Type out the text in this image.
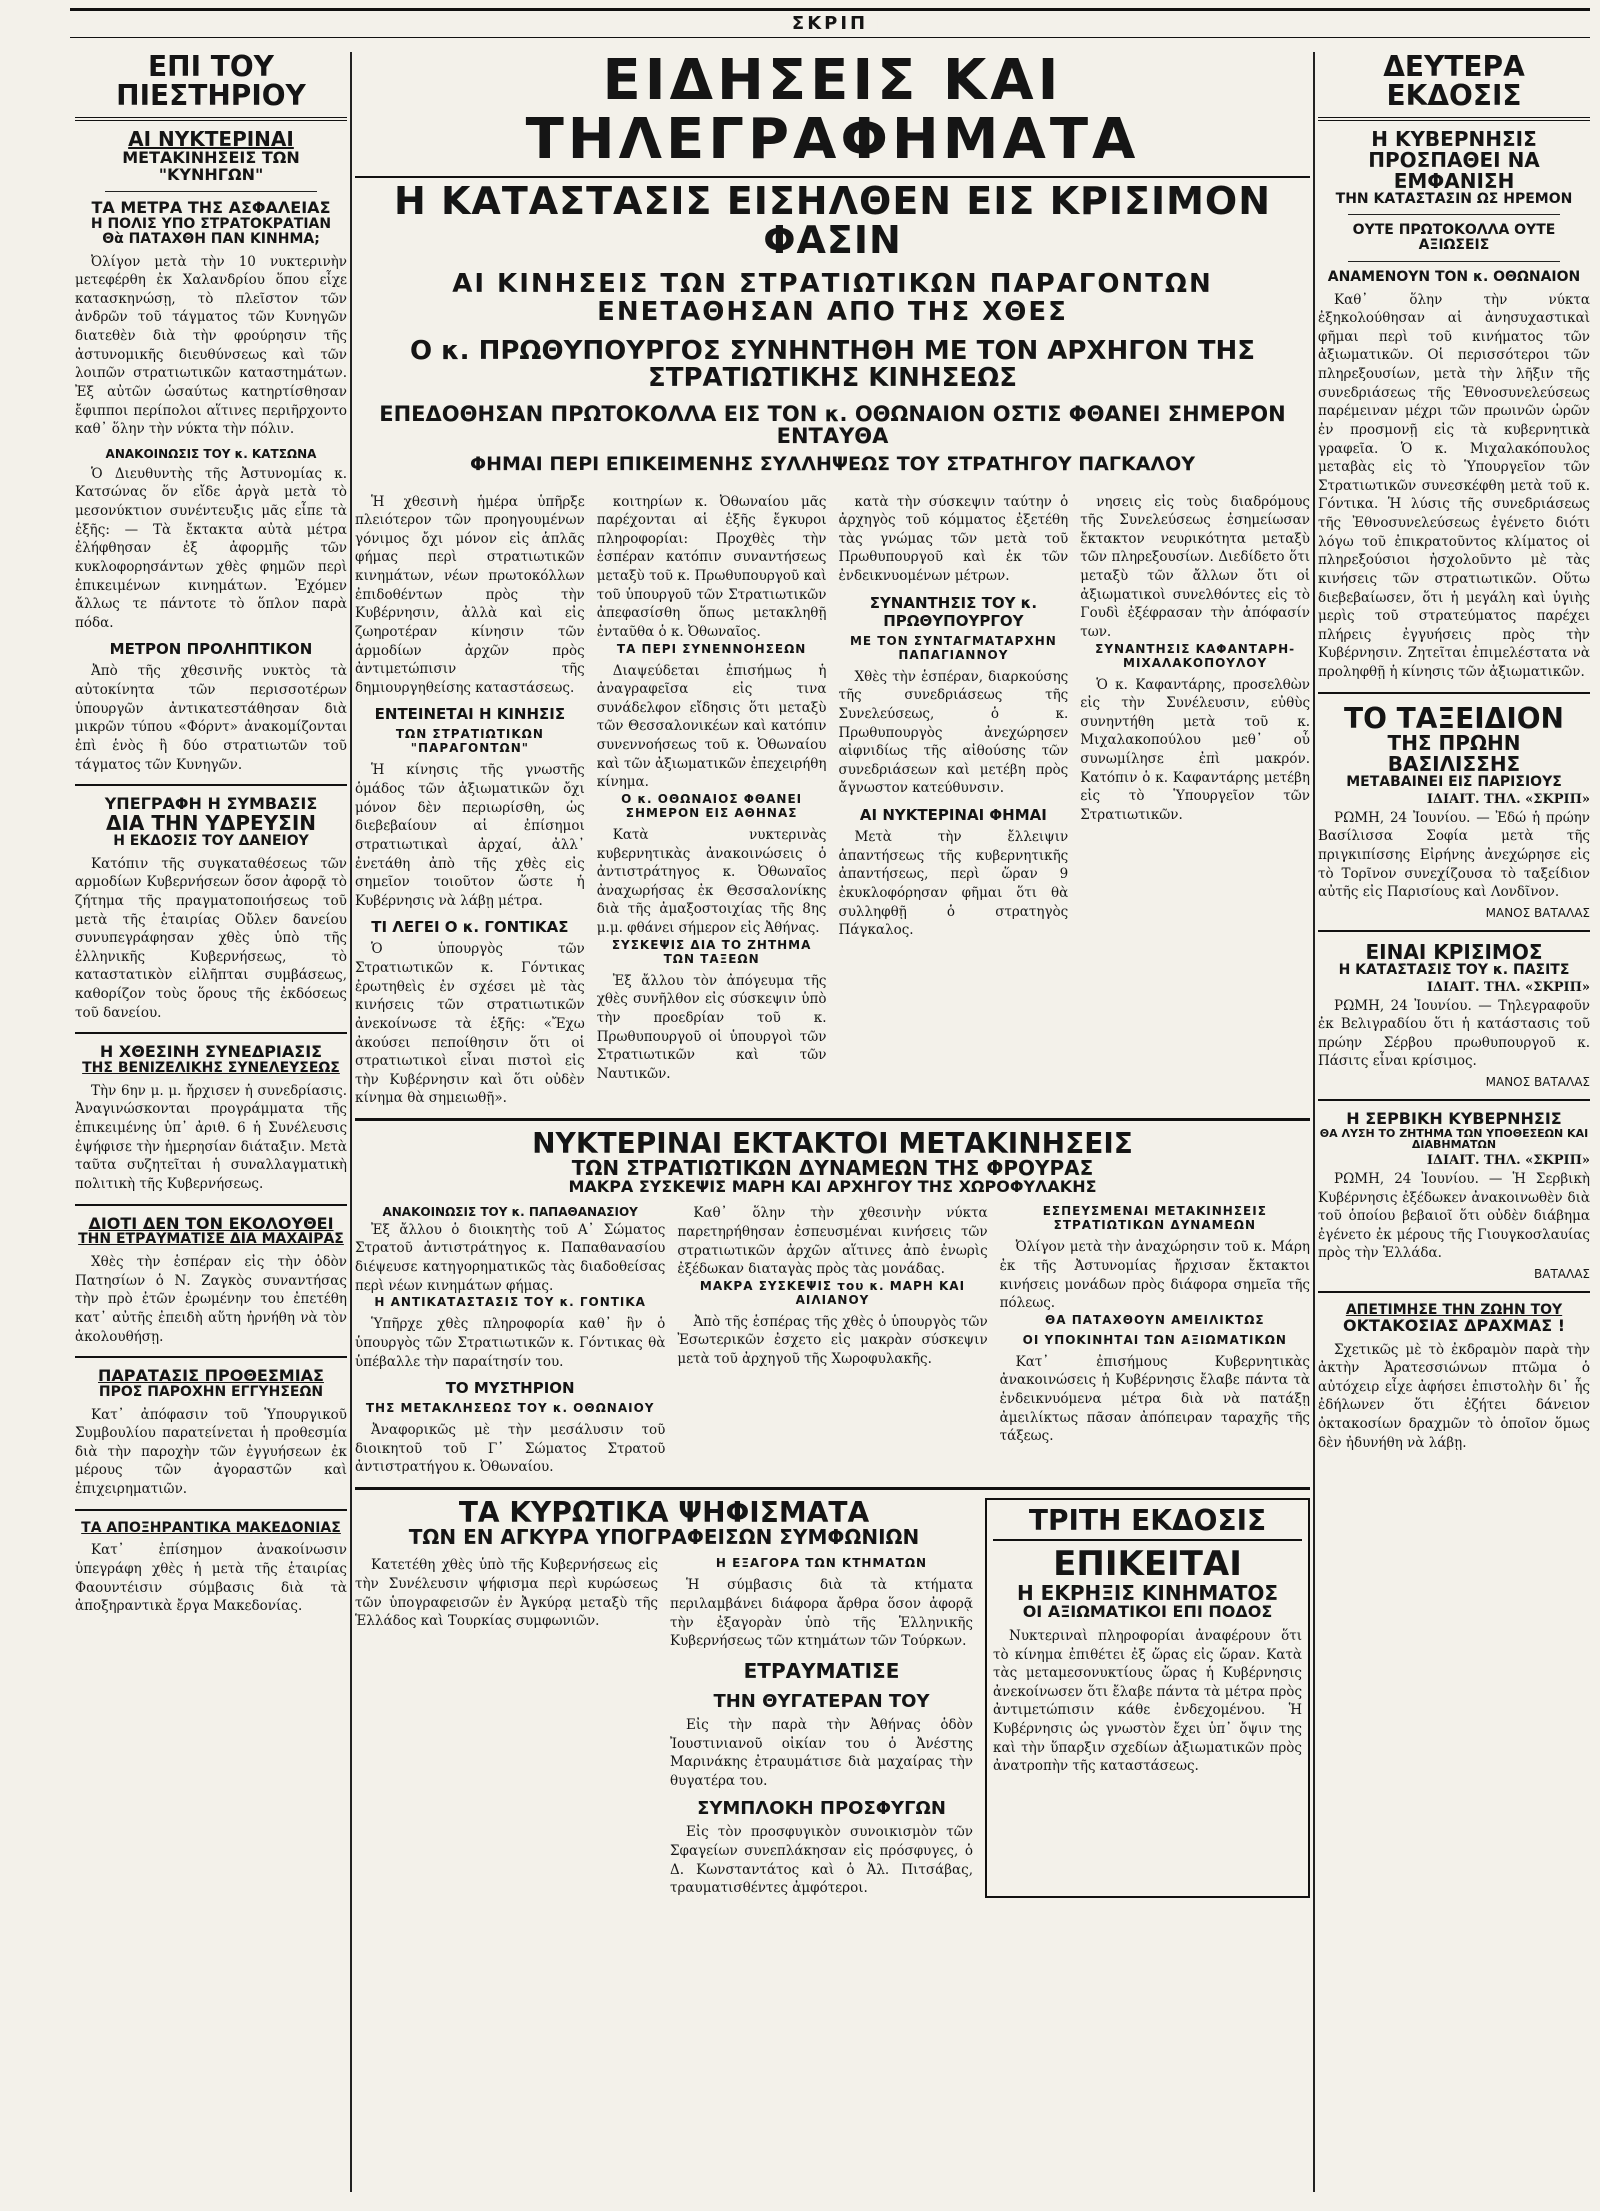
ΣΚΡΙΠ
ΕΠΙ ΤΟΥ ΠΙΕΣΤΗΡΙΟΥ
ΑΙ ΝΥΚΤΕΡΙΝΑΙ
ΜΕΤΑΚΙΝΗΣΕΙΣ ΤΩΝ "ΚΥΝΗΓΩΝ"
ΤΑ ΜΕΤΡΑ ΤΗΣ ΑΣΦΑΛΕΙΑΣ
Η ΠΟΛΙΣ ΥΠΟ ΣΤΡΑΤΟΚΡΑΤΙΑΝ
Θὰ ΠΑΤΑΧΘΗ ΠΑΝ ΚΙΝΗΜΑ;

Ὀλίγον μετὰ τὴν 10 νυκτερινὴν μετεφέρθη ἐκ Χαλανδρίου ὅπου εἶχε κατασκηνώσῃ, τὸ πλεῖστον τῶν ἀνδρῶν τοῦ τάγματος τῶν Κυνηγῶν διατεθὲν διὰ τὴν φρούρησιν τῆς ἀστυνομικῆς διευθύνσεως καὶ τῶν λοιπῶν στρατιωτικῶν καταστημάτων. Ἐξ αὐτῶν ὡσαύτως κατηρτίσθησαν ἔφιπποι περίπολοι αἵτινες περιῆρχοντο καθ᾽ ὅλην τὴν νύκτα τὴν πόλιν.

ΑΝΑΚΟΙΝΩΣΙΣ ΤΟΥ κ. ΚΑΤΣΩΝΑ

Ὁ Διευθυντὴς τῆς Ἀστυνομίας κ. Κατσώνας ὅν εἴδε ἀργὰ μετὰ τὸ μεσονύκτιον συνέντευξις μᾶς εἶπε τὰ ἑξῆς: — Τὰ ἔκτακτα αὐτὰ μέτρα ἐλήφθησαν ἐξ ἀφορμῆς τῶν κυκλοφορησάντων χθὲς φημῶν περὶ ἐπικειμένων κινημάτων. Ἐχόμεν ἄλλως τε πάντοτε τὸ ὅπλον παρὰ πόδα.

ΜΕΤΡΟΝ ΠΡΟΛΗΠΤΙΚΟΝ

Ἀπὸ τῆς χθεσινῆς νυκτὸς τὰ αὐτοκίνητα τῶν περισσοτέρων ὑπουργῶν ἀντικατεστάθησαν διὰ μικρῶν τύπου «Φόρντ» ἀνακομίζονται ἐπὶ ἑνὸς ἢ δύο στρατιωτῶν τοῦ τάγματος τῶν Κυνηγῶν.

ΥΠΕΓΡΑΦΗ Η ΣΥΜΒΑΣΙΣ
ΔΙΑ ΤΗΝ ΥΔΡΕΥΣΙΝ
Η ΕΚΔΟΣΙΣ ΤΟΥ ΔΑΝΕΙΟΥ

Κατόπιν τῆς συγκαταθέσεως τῶν αρμοδίων Κυβερνήσεων ὅσον ἀφορᾷ τὸ ζήτημα τῆς πραγματοποιήσεως τοῦ μετὰ τῆς ἑταιρίας Οὔλεν δανείου συνυπεγράφησαν χθὲς ὑπὸ τῆς ἑλληνικῆς Κυβερνήσεως, τὸ καταστατικὸν εἰλῆπται συμβάσεως, καθορίζον τοὺς ὅρους τῆς ἐκδόσεως τοῦ δανείου.

Η ΧΘΕΣΙΝΗ ΣΥΝΕΔΡΙΑΣΙΣ
ΤΗΣ ΒΕΝΙΖΕΛΙΚΗΣ ΣΥΝΕΛΕΥΣΕΩΣ

Τὴν 6ην μ. μ. ἤρχισεν ἡ συνεδρίασις. Ἀναγινώσκονται προγράμματα τῆς ἐπικειμένης ὑπ᾽ ἀριθ. 6 ἡ Συνέλευσις ἐψήφισε τὴν ἡμερησίαν διάταξιν. Μετὰ ταῦτα συζητεῖται ἡ συναλλαγματικὴ πολιτικὴ τῆς Κυβερνήσεως.

ΔΙΟΤΙ ΔΕΝ ΤΟΝ ΕΚΟΛΟΥΘΕΙ
ΤΗΝ ΕΤΡΑΥΜΑΤΙΣΕ ΔΙΑ ΜΑΧΑΙΡΑΣ

Χθὲς τὴν ἑσπέραν εἰς τὴν ὁδὸν Πατησίων ὁ Ν. Ζαγκὸς συναντήσας τὴν πρὸ ἐτῶν ἐρωμένην του ἐπετέθη κατ᾽ αὐτῆς ἐπειδὴ αὕτη ἠρνήθη νὰ τὸν ἀκολουθήσῃ.

ΠΑΡΑΤΑΣΙΣ ΠΡΟΘΕΣΜΙΑΣ
ΠΡΟΣ ΠΑΡΟΧΗΝ ΕΓΓΥΗΣΕΩΝ

Κατ᾽ ἀπόφασιν τοῦ Ὑπουργικοῦ Συμβουλίου παρατείνεται ἡ προθεσμία διὰ τὴν παροχὴν τῶν ἐγγυήσεων ἐκ μέρους τῶν ἀγοραστῶν καὶ ἐπιχειρηματιῶν.

ΤΑ ΑΠΟΞΗΡΑΝΤΙΚΑ ΜΑΚΕΔΟΝΙΑΣ

Κατ᾽ ἐπίσημον ἀνακοίνωσιν ὑπεγράφη χθὲς ἡ μετὰ τῆς ἑταιρίας Φαουντέισιν σύμβασις διὰ τὰ ἀποξηραντικὰ ἔργα Μακεδονίας.

ΕΙΔΗΣΕΙΣ ΚΑΙ ΤΗΛΕΓΡΑΦΗΜΑΤΑ
Η ΚΑΤΑΣΤΑΣΙΣ ΕΙΣΗΛΘΕΝ ΕΙΣ ΚΡΙΣΙΜΟΝ ΦΑΣΙΝ
ΑΙ ΚΙΝΗΣΕΙΣ ΤΩΝ ΣΤΡΑΤΙΩΤΙΚΩΝ ΠΑΡΑΓΟΝΤΩΝ ΕΝΕΤΑΘΗΣΑΝ ΑΠΟ ΤΗΣ ΧΘΕΣ
Ο κ. ΠΡΩΘΥΠΟΥΡΓΟΣ ΣΥΝΗΝΤΗΘΗ ΜΕ ΤΟΝ ΑΡΧΗΓΟΝ ΤΗΣ ΣΤΡΑΤΙΩΤΙΚΗΣ ΚΙΝΗΣΕΩΣ
ΕΠΕΔΟΘΗΣΑΝ ΠΡΩΤΟΚΟΛΛΑ ΕΙΣ ΤΟΝ κ. ΟΘΩΝΑΙΟΝ ΟΣΤΙΣ ΦΘΑΝΕΙ ΣΗΜΕΡΟΝ ΕΝΤΑΥΘΑ
ΦΗΜΑΙ ΠΕΡΙ ΕΠΙΚΕΙΜΕΝΗΣ ΣΥΛΛΗΨΕΩΣ ΤΟΥ ΣΤΡΑΤΗΓΟΥ ΠΑΓΚΑΛΟΥ

Ἡ χθεσινὴ ἡμέρα ὑπῆρξε πλειότερον τῶν προηγουμένων γόνιμος ὄχι μόνον εἰς ἁπλᾶς φήμας περὶ στρατιωτικῶν κινημάτων, νέων πρωτοκόλλων ἐπιδοθέντων πρὸς τὴν Κυβέρνησιν, ἀλλὰ καὶ εἰς ζωηροτέραν κίνησιν τῶν ἁρμοδίων ἀρχῶν πρὸς ἀντιμετώπισιν τῆς δημιουργηθείσης καταστάσεως.

ΕΝΤΕΙΝΕΤΑΙ Η ΚΙΝΗΣΙΣ
ΤΩΝ ΣΤΡΑΤΙΩΤΙΚΩΝ "ΠΑΡΑΓΟΝΤΩΝ"

Ἡ κίνησις τῆς γνωστῆς ὁμάδος τῶν ἀξιωματικῶν ὄχι μόνον δὲν περιωρίσθη, ὡς διεβεβαίουν αἱ ἐπίσημοι στρατιωτικαὶ ἀρχαί, ἀλλ᾽ ἐνετάθη ἀπὸ τῆς χθὲς εἰς σημεῖον τοιοῦτον ὥστε ἡ Κυβέρνησις νὰ λάβῃ μέτρα.

ΤΙ ΛΕΓΕΙ Ο κ. ΓΟΝΤΙΚΑΣ

Ὁ ὑπουργὸς τῶν Στρατιωτικῶν κ. Γόντικας ἐρωτηθεὶς ἐν σχέσει μὲ τὰς κινήσεις τῶν στρατιωτικῶν ἀνεκοίνωσε τὰ ἑξῆς: «Ἔχω ἀκούσει πεποίθησιν ὅτι οἱ στρατιωτικοὶ εἶναι πιστοὶ εἰς τὴν Κυβέρνησιν καὶ ὅτι οὐδὲν κίνημα θὰ σημειωθῇ».

κοιτηρίων κ. Ὀθωναίου μᾶς παρέχονται αἱ ἑξῆς ἔγκυροι πληροφορίαι: Προχθὲς τὴν ἑσπέραν κατόπιν συναντήσεως μεταξὺ τοῦ κ. Πρωθυπουργοῦ καὶ τοῦ ὑπουργοῦ τῶν Στρατιωτικῶν ἀπεφασίσθη ὅπως μετακληθῇ ἐνταῦθα ὁ κ. Ὀθωναῖος.

ΤΑ ΠΕΡΙ ΣΥΝΕΝΝΟΗΣΕΩΝ

Διαψεύδεται ἐπισήμως ἡ ἀναγραφεῖσα εἰς τινα συνάδελφον εἴδησις ὅτι μεταξὺ τῶν Θεσσαλονικέων καὶ κατόπιν συνεννοήσεως τοῦ κ. Ὀθωναίου καὶ τῶν ἀξιωματικῶν ἐπεχειρήθη κίνημα.

Ο κ. ΟΘΩΝΑΙΟΣ ΦΘΑΝΕΙ ΣΗΜΕΡΟΝ ΕΙΣ ΑΘΗΝΑΣ

Κατὰ νυκτερινὰς κυβερνητικὰς ἀνακοινώσεις ὁ ἀντιστράτηγος κ. Ὀθωναῖος ἀναχωρήσας ἐκ Θεσσαλονίκης διὰ τῆς ἀμαξοστοιχίας τῆς 8ης μ.μ. φθάνει σήμερον εἰς Ἀθήνας.

ΣΥΣΚΕΨΙΣ ΔΙΑ ΤΟ ΖΗΤΗΜΑ ΤΩΝ ΤΑΞΕΩΝ

Ἐξ ἄλλου τὸν ἀπόγευμα τῆς χθὲς συνῆλθον εἰς σύσκεψιν ὑπὸ τὴν προεδρίαν τοῦ κ. Πρωθυπουργοῦ οἱ ὑπουργοὶ τῶν Στρατιωτικῶν καὶ τῶν Ναυτικῶν.

κατὰ τὴν σύσκεψιν ταύτην ὁ ἀρχηγὸς τοῦ κόμματος ἐξετέθη τὰς γνώμας τῶν μετὰ τοῦ Πρωθυπουργοῦ καὶ ἐκ τῶν ἐνδεικνυομένων μέτρων.

ΣΥΝΑΝΤΗΣΙΣ ΤΟΥ κ. ΠΡΩΘΥΠΟΥΡΓΟΥ
ΜΕ ΤΟΝ ΣΥΝΤΑΓΜΑΤΑΡΧΗΝ ΠΑΠΑΓΙΑΝΝΟΥ

Χθὲς τὴν ἑσπέραν, διαρκούσης τῆς συνεδριάσεως τῆς Συνελεύσεως, ὁ κ. Πρωθυπουργὸς ἀνεχώρησεν αἰφνιδίως τῆς αἰθούσης τῶν συνεδριάσεων καὶ μετέβη πρὸς ἄγνωστον κατεύθυνσιν.

ΑΙ ΝΥΚΤΕΡΙΝΑΙ ΦΗΜΑΙ

Μετὰ τὴν ἔλλειψιν ἀπαντήσεως τῆς κυβερνητικῆς ἀπαντήσεως, περὶ ὥραν 9 ἐκυκλοφόρησαν φῆμαι ὅτι θὰ συλληφθῇ ὁ στρατηγὸς Πάγκαλος.

νησεις εἰς τοὺς διαδρόμους τῆς Συνελεύσεως ἐσημείωσαν ἔκτακτον νευρικότητα μεταξὺ τῶν πληρεξουσίων. Διεδίδετο ὅτι μεταξὺ τῶν ἄλλων ὅτι οἱ ἀξιωματικοὶ συνελθόντες εἰς τὸ Γουδὶ ἐξέφρασαν τὴν ἀπόφασίν των.

ΣΥΝΑΝΤΗΣΙΣ ΚΑΦΑΝΤΑΡΗ-ΜΙΧΑΛΑΚΟΠΟΥΛΟΥ

Ὁ κ. Καφαντάρης, προσελθὼν εἰς τὴν Συνέλευσιν, εὐθὺς συνηντήθη μετὰ τοῦ κ. Μιχαλακοπούλου μεθ᾽ οὗ συνωμίλησε ἐπὶ μακρόν. Κατόπιν ὁ κ. Καφαντάρης μετέβη εἰς τὸ Ὑπουργεῖον τῶν Στρατιωτικῶν.

ΝΥΚΤΕΡΙΝΑΙ ΕΚΤΑΚΤΟΙ ΜΕΤΑΚΙΝΗΣΕΙΣ
ΤΩΝ ΣΤΡΑΤΙΩΤΙΚΩΝ ΔΥΝΑΜΕΩΝ ΤΗΣ ΦΡΟΥΡΑΣ
ΜΑΚΡΑ ΣΥΣΚΕΨΙΣ ΜΑΡΗ ΚΑΙ ΑΡΧΗΓΟΥ ΤΗΣ ΧΩΡΟΦΥΛΑΚΗΣ

ΑΝΑΚΟΙΝΩΣΙΣ ΤΟΥ κ. ΠΑΠΑΘΑΝΑΣΙΟΥ

Ἐξ ἄλλου ὁ διοικητὴς τοῦ Α᾽ Σώματος Στρατοῦ ἀντιστράτηγος κ. Παπαθανασίου διέψευσε κατηγορηματικῶς τὰς διαδοθείσας περὶ νέων κινημάτων φήμας.

Η ΑΝΤΙΚΑΤΑΣΤΑΣΙΣ ΤΟΥ κ. ΓΟΝΤΙΚΑ

Ὑπῆρχε χθὲς πληροφορία καθ᾽ ἣν ὁ ὑπουργὸς τῶν Στρατιωτικῶν κ. Γόντικας θὰ ὑπέβαλλε τὴν παραίτησίν του.

ΤΟ ΜΥΣΤΗΡΙΟΝ
ΤΗΣ ΜΕΤΑΚΛΗΣΕΩΣ ΤΟΥ κ. ΟΘΩΝΑΙΟΥ

Ἀναφορικῶς μὲ τὴν μεσάλυσιν τοῦ διοικητοῦ τοῦ Γ᾽ Σώματος Στρατοῦ ἀντιστρατήγου κ. Ὀθωναίου.

Καθ᾽ ὅλην τὴν χθεσινὴν νύκτα παρετηρήθησαν ἐσπευσμέναι κινήσεις τῶν στρατιωτικῶν ἀρχῶν αἵτινες ἀπὸ ἐνωρὶς ἐξέδωκαν διαταγὰς πρὸς τὰς μονάδας.

ΜΑΚΡΑ ΣΥΣΚΕΨΙΣ του κ. ΜΑΡΗ ΚΑΙ ΑΙΛΙΑΝΟΥ

Ἀπὸ τῆς ἑσπέρας τῆς χθὲς ὁ ὑπουργὸς τῶν Ἐσωτερικῶν ἐσχετο εἰς μακρὰν σύσκεψιν μετὰ τοῦ ἀρχηγοῦ τῆς Χωροφυλακῆς.

ΕΣΠΕΥΣΜΕΝΑΙ ΜΕΤΑΚΙΝΗΣΕΙΣ ΣΤΡΑΤΙΩΤΙΚΩΝ ΔΥΝΑΜΕΩΝ

Ὀλίγον μετὰ τὴν ἀναχώρησιν τοῦ κ. Μάρη ἐκ τῆς Ἀστυνομίας ἤρχισαν ἔκτακτοι κινήσεις μονάδων πρὸς διάφορα σημεῖα τῆς πόλεως.

ΘΑ ΠΑΤΑΧΘΟΥΝ ΑΜΕΙΛΙΚΤΩΣ
ΟΙ ΥΠΟΚΙΝΗΤΑΙ ΤΩΝ ΑΞΙΩΜΑΤΙΚΩΝ

Κατ᾽ ἐπισήμους Κυβερνητικὰς ἀνακοινώσεις ἡ Κυβέρνησις ἔλαβε πάντα τὰ ἐνδεικνυόμενα μέτρα διὰ νὰ πατάξῃ ἀμειλίκτως πᾶσαν ἀπόπειραν ταραχῆς τῆς τάξεως.

ΤΑ ΚΥΡΩΤΙΚΑ ΨΗΦΙΣΜΑΤΑ
ΤΩΝ ΕΝ ΑΓΚΥΡΑ ΥΠΟΓΡΑΦΕΙΣΩΝ ΣΥΜΦΩΝΙΩΝ

Κατετέθη χθὲς ὑπὸ τῆς Κυβερνήσεως εἰς τὴν Συνέλευσιν ψήφισμα περὶ κυρώσεως τῶν ὑπογραφεισῶν ἐν Ἀγκύρᾳ μεταξὺ τῆς Ἑλλάδος καὶ Τουρκίας συμφωνιῶν.

Η ΕΞΑΓΟΡΑ ΤΩΝ ΚΤΗΜΑΤΩΝ

Ἡ σύμβασις διὰ τὰ κτήματα περιλαμβάνει διάφορα ἄρθρα ὅσον ἀφορᾷ τὴν ἐξαγορὰν ὑπὸ τῆς Ἑλληνικῆς Κυβερνήσεως τῶν κτημάτων τῶν Τούρκων.

ΕΤΡΑΥΜΑΤΙΣΕ
ΤΗΝ ΘΥΓΑΤΕΡΑΝ ΤΟΥ

Εἰς τὴν παρὰ τὴν Ἀθήνας ὁδὸν Ἰουστινιανοῦ οἰκίαν του ὁ Ἀνέστης Μαρινάκης ἐτραυμάτισε διὰ μαχαίρας τὴν θυγατέρα του.

ΣΥΜΠΛΟΚΗ ΠΡΟΣΦΥΓΩΝ

Εἰς τὸν προσφυγικὸν συνοικισμὸν τῶν Σφαγείων συνεπλάκησαν εἰς πρόσφυγες, ὁ Δ. Κωνσταντάτος καὶ ὁ Ἀλ. Πιτσάβας, τραυματισθέντες ἀμφότεροι.

ΤΡΙΤΗ ΕΚΔΟΣΙΣ
ΕΠΙΚΕΙΤΑΙ
Η ΕΚΡΗΞΙΣ ΚΙΝΗΜΑΤΟΣ
ΟΙ ΑΞΙΩΜΑΤΙΚΟΙ ΕΠΙ ΠΟΔΟΣ

Νυκτεριναὶ πληροφορίαι ἀναφέρουν ὅτι τὸ κίνημα ἐπιθέτει ἐξ ὥρας εἰς ὥραν. Κατὰ τὰς μεταμεσονυκτίους ὥρας ἡ Κυβέρνησις ἀνεκοίνωσεν ὅτι ἔλαβε πάντα τὰ μέτρα πρὸς ἀντιμετώπισιν κάθε ἐνδεχομένου. Ἡ Κυβέρνησις ὡς γνωστὸν ἔχει ὑπ᾽ ὄψιν της καὶ τὴν ὕπαρξιν σχεδίων ἀξιωματικῶν πρὸς ἀνατροπὴν τῆς καταστάσεως.

ΔΕΥΤΕΡΑ ΕΚΔΟΣΙΣ
Η ΚΥΒΕΡΝΗΣΙΣ
ΠΡΟΣΠΑΘΕΙ ΝΑ ΕΜΦΑΝΙΣΗ
ΤΗΝ ΚΑΤΑΣΤΑΣΙΝ ΩΣ ΗΡΕΜΟΝ
ΟΥΤΕ ΠΡΩΤΟΚΟΛΛΑ ΟΥΤΕ ΑΞΙΩΣΕΙΣ
ΑΝΑΜΕΝΟΥΝ ΤΟΝ κ. ΟΘΩΝΑΙΟΝ

Καθ᾽ ὅλην τὴν νύκτα ἐξηκολούθησαν αἱ ἀνησυχαστικαὶ φῆμαι περὶ τοῦ κινήματος τῶν ἀξιωματικῶν. Οἱ περισσότεροι τῶν πληρεξουσίων, μετὰ τὴν λῆξιν τῆς συνεδριάσεως τῆς Ἐθνοσυνελεύσεως παρέμειναν μέχρι τῶν πρωινῶν ὡρῶν ἐν προσμονῇ εἰς τὰ κυβερνητικὰ γραφεῖα. Ὁ κ. Μιχαλακόπουλος μεταβὰς εἰς τὸ Ὑπουργεῖον τῶν Στρατιωτικῶν συνεσκέφθη μετὰ τοῦ κ. Γόντικα. Ἡ λύσις τῆς συνεδριάσεως τῆς Ἐθνοσυνελεύσεως ἐγένετο διότι λόγω τοῦ ἐπικρατοῦντος κλίματος οἱ πληρεξούσιοι ἠσχολοῦντο μὲ τὰς κινήσεις τῶν στρατιωτικῶν. Οὕτω διεβεβαίωσεν, ὅτι ἡ μεγάλη καὶ ὑγιὴς μερὶς τοῦ στρατεύματος παρέχει πλήρεις ἐγγυήσεις πρὸς τὴν Κυβέρνησιν. Ζητεῖται ἐπιμελέστατα νὰ προληφθῇ ἡ κίνησις τῶν ἀξιωματικῶν.

ΤΟ ΤΑΞΕΙΔΙΟΝ
ΤΗΣ ΠΡΩΗΝ ΒΑΣΙΛΙΣΣΗΣ
ΜΕΤΑΒΑΙΝΕΙ ΕΙΣ ΠΑΡΙΣΙΟΥΣ
ΙΔΙΑΙΤ. ΤΗΛ. «ΣΚΡΙΠ»

ΡΩΜΗ, 24 Ἰουνίου. — Ἐδώ ἡ πρώην Βασίλισσα Σοφία μετὰ τῆς πριγκιπίσσης Εἰρήνης ἀνεχώρησε εἰς τὸ Τορῖνον συνεχίζουσα τὸ ταξείδιον αὐτῆς εἰς Παρισίους καὶ Λονδῖνον.

ΜΑΝΟΣ ΒΑΤΑΛΑΣ
ΕΙΝΑΙ ΚΡΙΣΙΜΟΣ
Η ΚΑΤΑΣΤΑΣΙΣ ΤΟΥ κ. ΠΑΣΙΤΣ
ΙΔΙΑΙΤ. ΤΗΛ. «ΣΚΡΙΠ»

ΡΩΜΗ, 24 Ἰουνίου. — Τηλεγραφοῦν ἐκ Βελιγραδίου ὅτι ἡ κατάστασις τοῦ πρώην Σέρβου πρωθυπουργοῦ κ. Πάσιτς εἶναι κρίσιμος.

ΜΑΝΟΣ ΒΑΤΑΛΑΣ
Η ΣΕΡΒΙΚΗ ΚΥΒΕΡΝΗΣΙΣ
ΘΑ ΛΥΣΗ ΤΟ ΖΗΤΗΜΑ ΤΩΝ ΥΠΟΘΕΣΕΩΝ ΚΑΙ ΔΙΑΒΗΜΑΤΩΝ
ΙΔΙΑΙΤ. ΤΗΛ. «ΣΚΡΙΠ»

ΡΩΜΗ, 24 Ἰουνίου. — Ἡ Σερβικὴ Κυβέρνησις ἐξέδωκεν ἀνακοινωθὲν διὰ τοῦ ὁποίου βεβαιοῖ ὅτι οὐδὲν διάβημα ἐγένετο ἐκ μέρους τῆς Γιουγκοσλαυίας πρὸς τὴν Ἑλλάδα.

ΒΑΤΑΛΑΣ
ΑΠΕΤΙΜΗΣΕ ΤΗΝ ΖΩΗΝ ΤΟΥ
ΟΚΤΑΚΟΣΙΑΣ ΔΡΑΧΜΑΣ !

Σχετικῶς μὲ τὸ ἐκδραμὸν παρὰ τὴν ἀκτὴν Ἀρατεσσιώνων πτῶμα ὁ αὐτόχειρ εἶχε ἀφήσει ἐπιστολὴν δι᾽ ἧς ἐδήλωνεν ὅτι ἐζήτει δάνειον ὀκτακοσίων δραχμῶν τὸ ὁποῖον ὅμως δὲν ἠδυνήθη νὰ λάβῃ.
